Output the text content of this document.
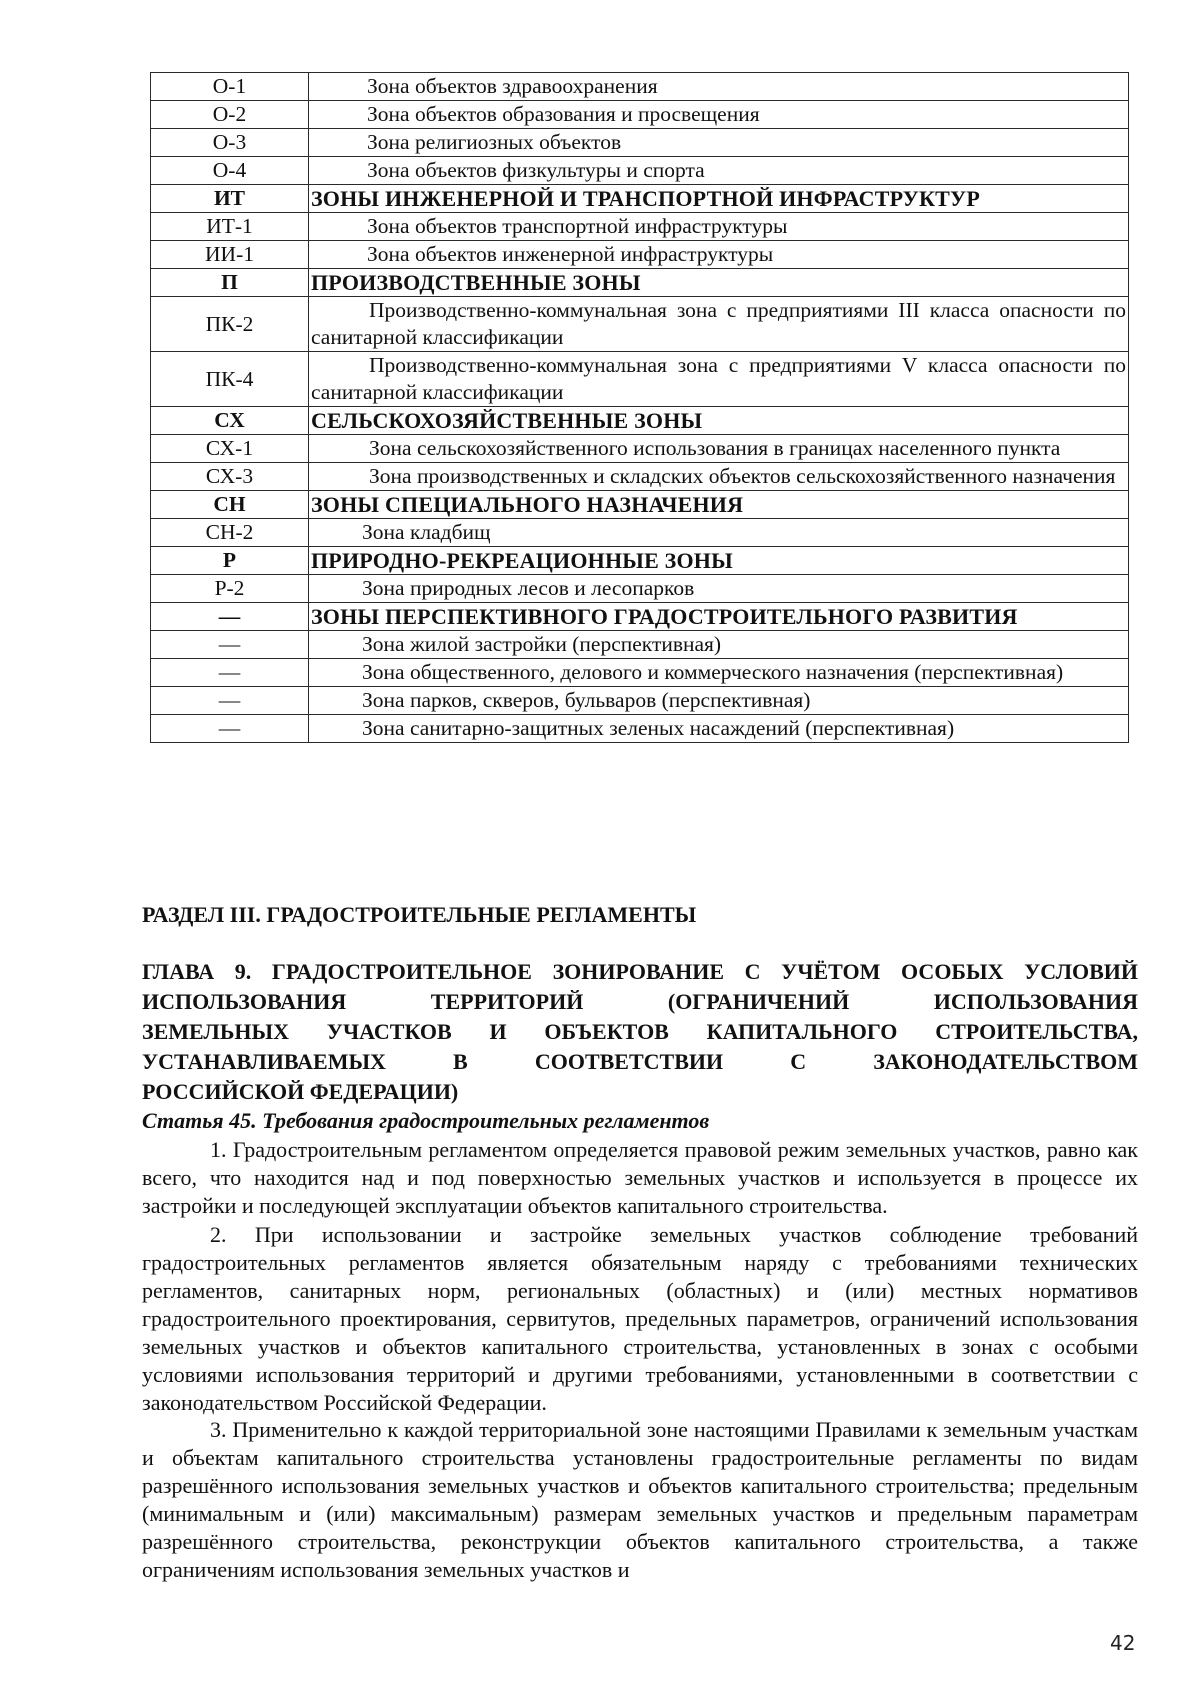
О-1	Зона объектов здравоохранения
О-2	Зона объектов образования и просвещения
О-3	Зона религиозных объектов
О-4	Зона объектов физкультуры и спорта
ИТ	ЗОНЫ ИНЖЕНЕРНОЙ И ТРАНСПОРТНОЙ ИНФРАСТРУКТУР
ИТ-1	Зона объектов транспортной инфраструктуры
ИИ-1	Зона объектов инженерной инфраструктуры
П	ПРОИЗВОДСТВЕННЫЕ ЗОНЫ
ПК-2	Производственно-коммунальная зона с предприятиями III класса опасности по санитарной классификации
ПК-4	Производственно-коммунальная зона с предприятиями V класса опасности по санитарной классификации
СХ	СЕЛЬСКОХОЗЯЙСТВЕННЫЕ ЗОНЫ
СХ-1	Зона сельскохозяйственного использования в границах населенного пункта
СХ-3	Зона производственных и складских объектов сельскохозяйственного назначения
СН	ЗОНЫ СПЕЦИАЛЬНОГО НАЗНАЧЕНИЯ
СН-2	Зона кладбищ
Р	ПРИРОДНО-РЕКРЕАЦИОННЫЕ ЗОНЫ
Р-2	Зона природных лесов и лесопарков
—	ЗОНЫ ПЕРСПЕКТИВНОГО ГРАДОСТРОИТЕЛЬНОГО РАЗВИТИЯ
—	Зона жилой застройки (перспективная)
—	Зона общественного, делового и коммерческого назначения (перспективная)
—	Зона парков, скверов, бульваров (перспективная)
—	Зона санитарно-защитных зеленых насаждений (перспективная)
РАЗДЕЛ III. ГРАДОСТРОИТЕЛЬНЫЕ РЕГЛАМЕНТЫ
ГЛАВА 9. ГРАДОСТРОИТЕЛЬНОЕ ЗОНИРОВАНИЕ С УЧЁТОМ ОСОБЫХ УСЛОВИЙ
ИСПОЛЬЗОВАНИЯ ТЕРРИТОРИЙ (ОГРАНИЧЕНИЙ ИСПОЛЬЗОВАНИЯ
ЗЕМЕЛЬНЫХ УЧАСТКОВ И ОБЪЕКТОВ КАПИТАЛЬНОГО СТРОИТЕЛЬСТВА,
УСТАНАВЛИВАЕМЫХ В СООТВЕТСТВИИ С ЗАКОНОДАТЕЛЬСТВОМ
РОССИЙСКОЙ ФЕДЕРАЦИИ)
Статья 45. Требования градостроительных регламентов

1. Градостроительным регламентом определяется правовой режим земельных участков, равно как всего, что находится над и под поверхностью земельных участков и используется в процессе их застройки и последующей эксплуатации объектов капитального строительства.

2. При использовании и застройке земельных участков соблюдение требований градостроительных регламентов является обязательным наряду с требованиями технических регламентов, санитарных норм, региональных (областных) и (или) местных нормативов градостроительного проектирования, сервитутов, предельных параметров, ограничений использования земельных участков и объектов капитального строительства, установленных в зонах с особыми условиями использования территорий и другими требованиями, установленными в соответствии с законодательством Российской Федерации.

3. Применительно к каждой территориальной зоне настоящими Правилами к земельным участкам и объектам капитального строительства установлены градостроительные регламенты по видам разрешённого использования земельных участков и объектов капитального строительства; предельным (минимальным и (или) максимальным) размерам земельных участков и предельным параметрам разрешённого строительства, реконструкции объектов капитального строительства, а также ограничениям использования земельных участков и

42
